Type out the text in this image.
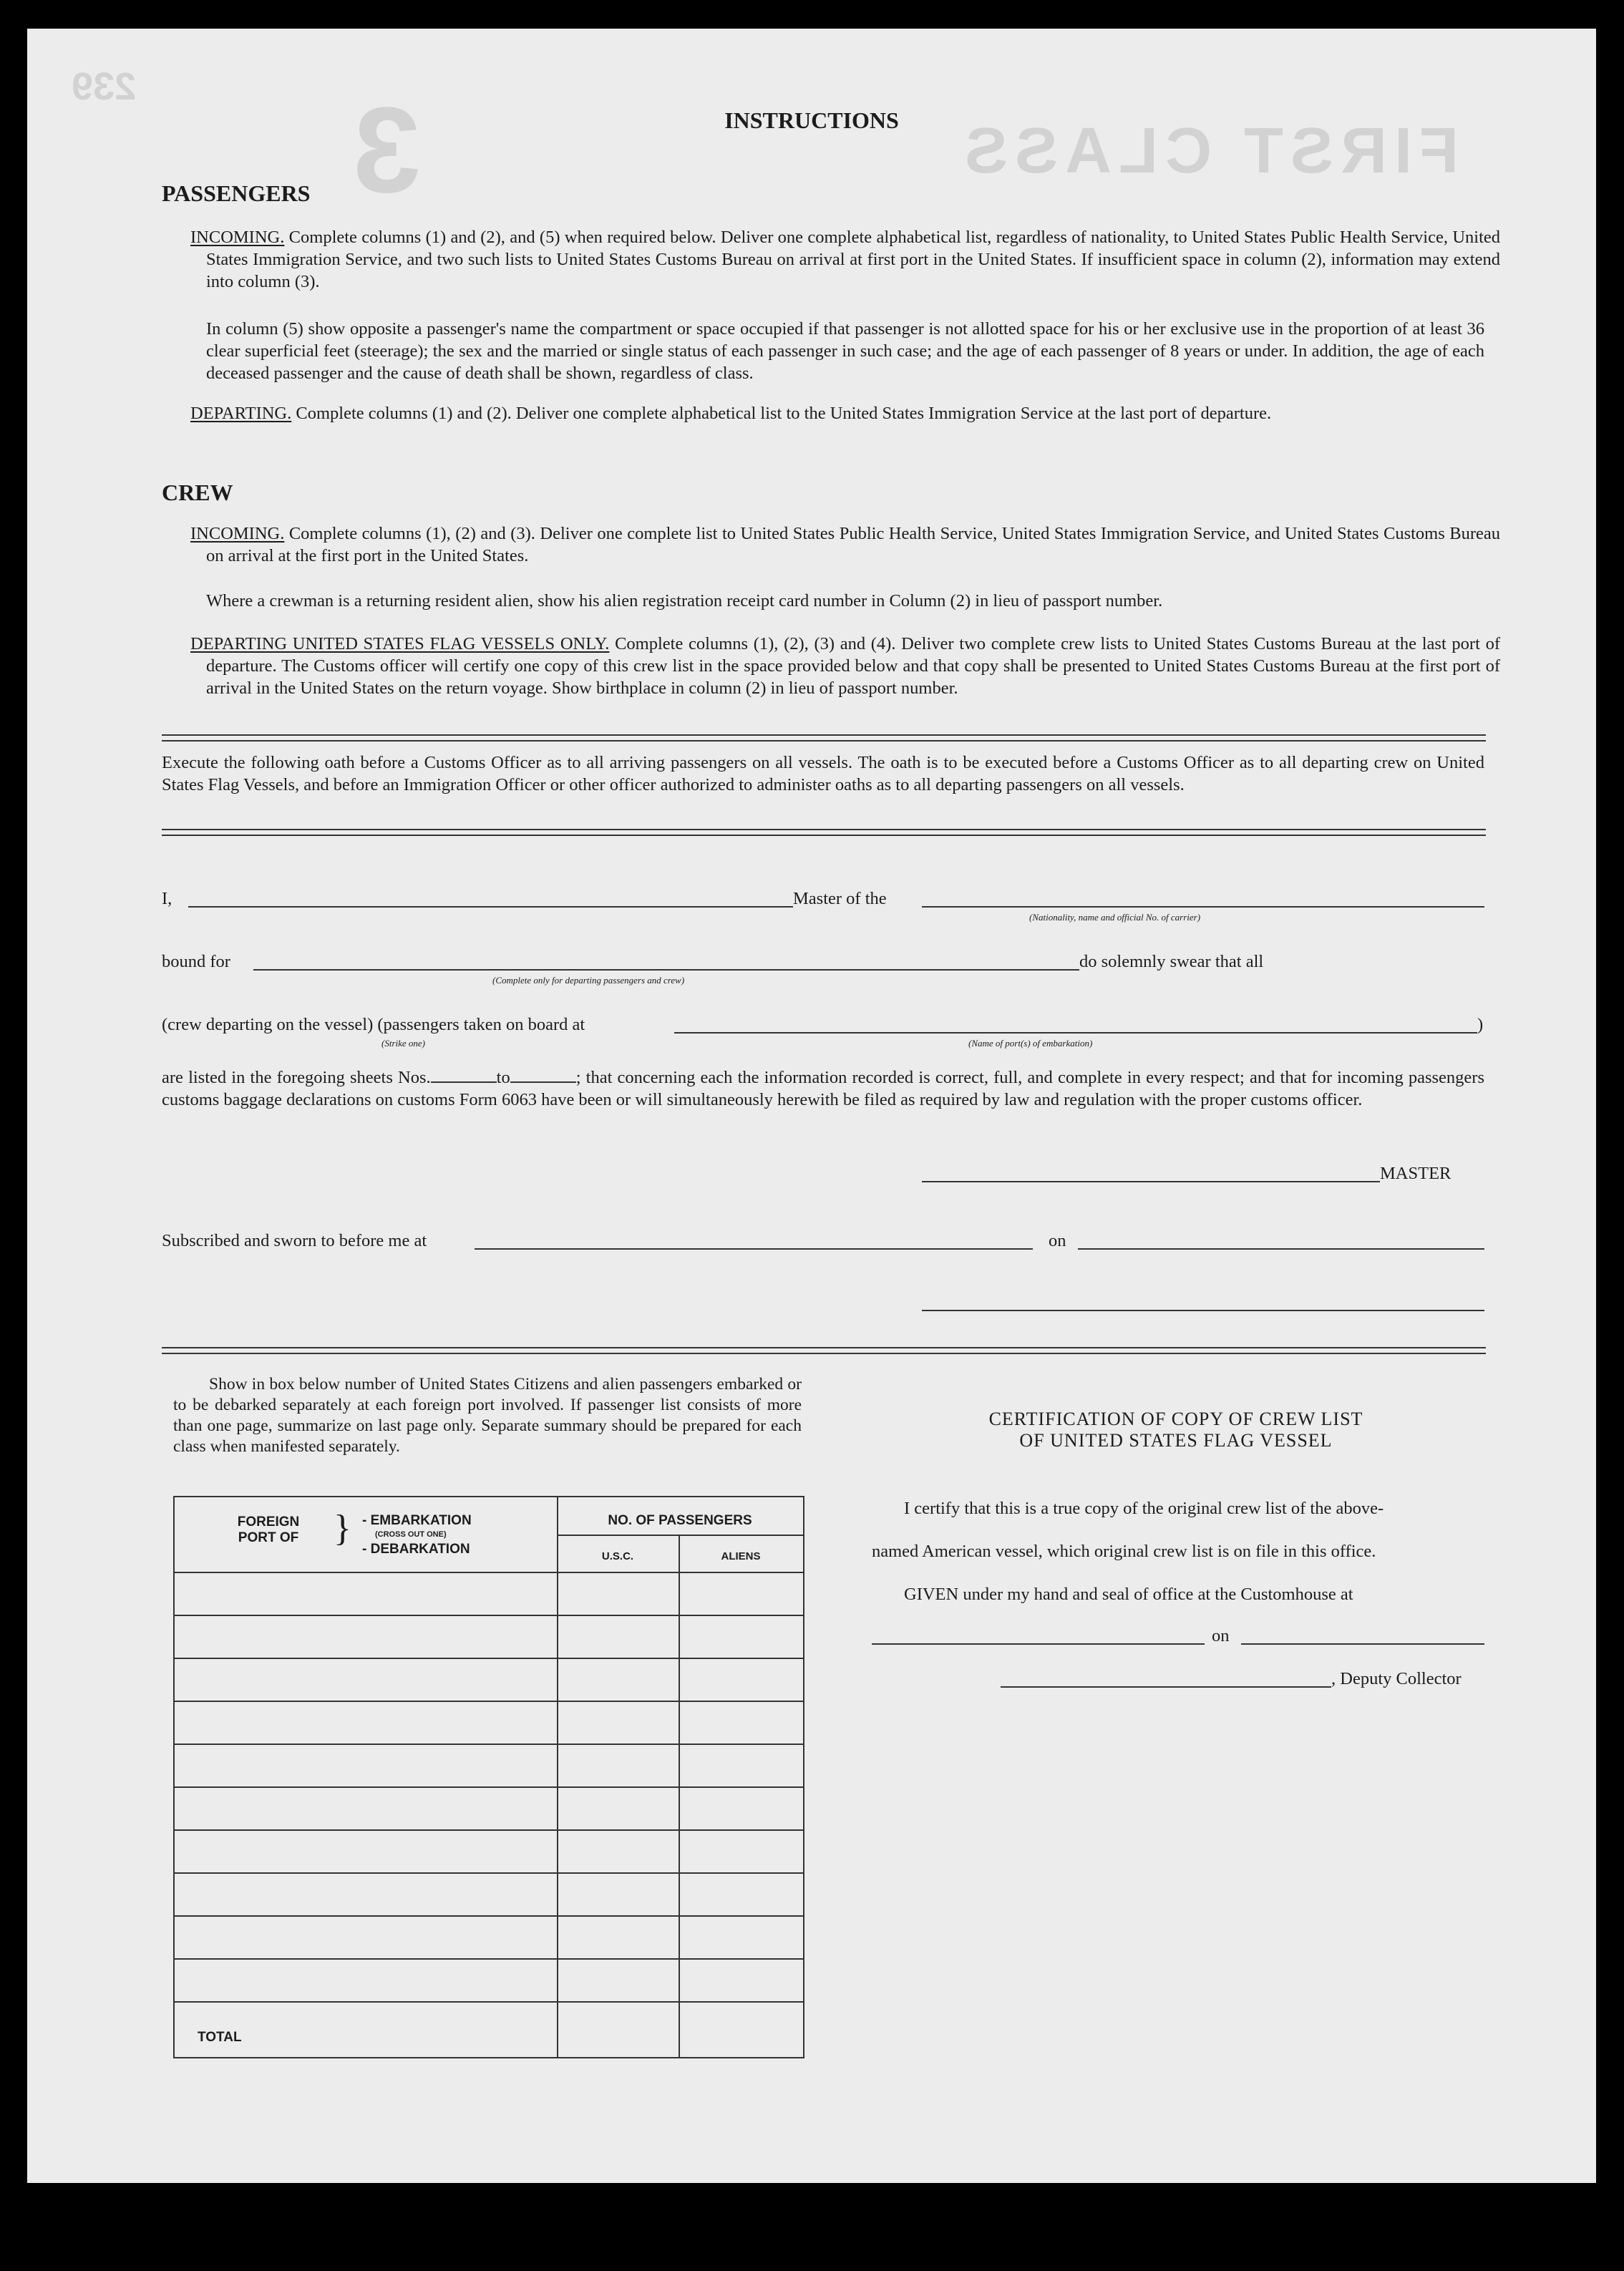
239 3	FIRST CLASS
INSTRUCTIONS
PASSENGERS
INCOMING. Complete columns (1) and (2), and (5) when required below. Deliver one complete alphabetical list, regardless of nationality, to United States Public Health Service, United States Immigration Service, and two such lists to United States Customs Bureau on arrival at first port in the United States. If insufficient space in column (2), information may extend into column (3).
In column (5) show opposite a passenger's name the compartment or space occupied if that passenger is not allotted space for his or her exclusive use in the proportion of at least 36 clear superficial feet (steerage); the sex and the married or single status of each passenger in such case; and the age of each passenger of 8 years or under. In addition, the age of each deceased passenger and the cause of death shall be shown, regardless of class.
DEPARTING. Complete columns (1) and (2). Deliver one complete alphabetical list to the United States Immigration Service at the last port of departure.
CREW
INCOMING. Complete columns (1), (2) and (3). Deliver one complete list to United States Public Health Service, United States Immigration Service, and United States Customs Bureau on arrival at the first port in the United States.
Where a crewman is a returning resident alien, show his alien registration receipt card number in Column (2) in lieu of passport number.
DEPARTING UNITED STATES FLAG VESSELS ONLY. Complete columns (1), (2), (3) and (4). Deliver two complete crew lists to United States Customs Bureau at the last port of departure. The Customs officer will certify one copy of this crew list in the space provided below and that copy shall be presented to United States Customs Bureau at the first port of arrival in the United States on the return voyage. Show birthplace in column (2) in lieu of passport number.
Execute the following oath before a Customs Officer as to all arriving passengers on all vessels. The oath is to be executed before a Customs Officer as to all departing crew on United States Flag Vessels, and before an Immigration Officer or other officer authorized to administer oaths as to all departing passengers on all vessels.
I,	Master of the
(Nationality, name and official No. of carrier)
bound for
(Complete only for departing passengers and crew)
do solemnly swear that all
(crew departing on the vessel) (passengers taken on board at
(Strike one)	(Name of port(s) of embarkation)
)
are listed in the foregoing sheets Nos.	to	; that concerning each the information recorded is correct, full, and complete in every respect; and that for incoming passengers customs baggage declarations on customs Form 6063 have been or will simultaneously herewith be filed as required by law and regulation with the proper customs officer.
MASTER
Subscribed and sworn to before me at	on
Show in box below number of United States Citizens and alien passengers embarked or to be debarked separately at each foreign port involved. If passenger list consists of more than one page, summarize on last page only. Separate summary should be prepared for each class when manifested separately.
FOREIGN PORT OF } - EMBARKATION
(CROSS OUT ONE)
- DEBARKATION
NO. OF PASSENGERS
U.S.C.	ALIENS
TOTAL
CERTIFICATION OF COPY OF CREW LIST
OF UNITED STATES FLAG VESSEL
I certify that this is a true copy of the original crew list of the above-
named American vessel, which original crew list is on file in this office.
GIVEN under my hand and seal of office at the Customhouse at
on
, Deputy Collector
